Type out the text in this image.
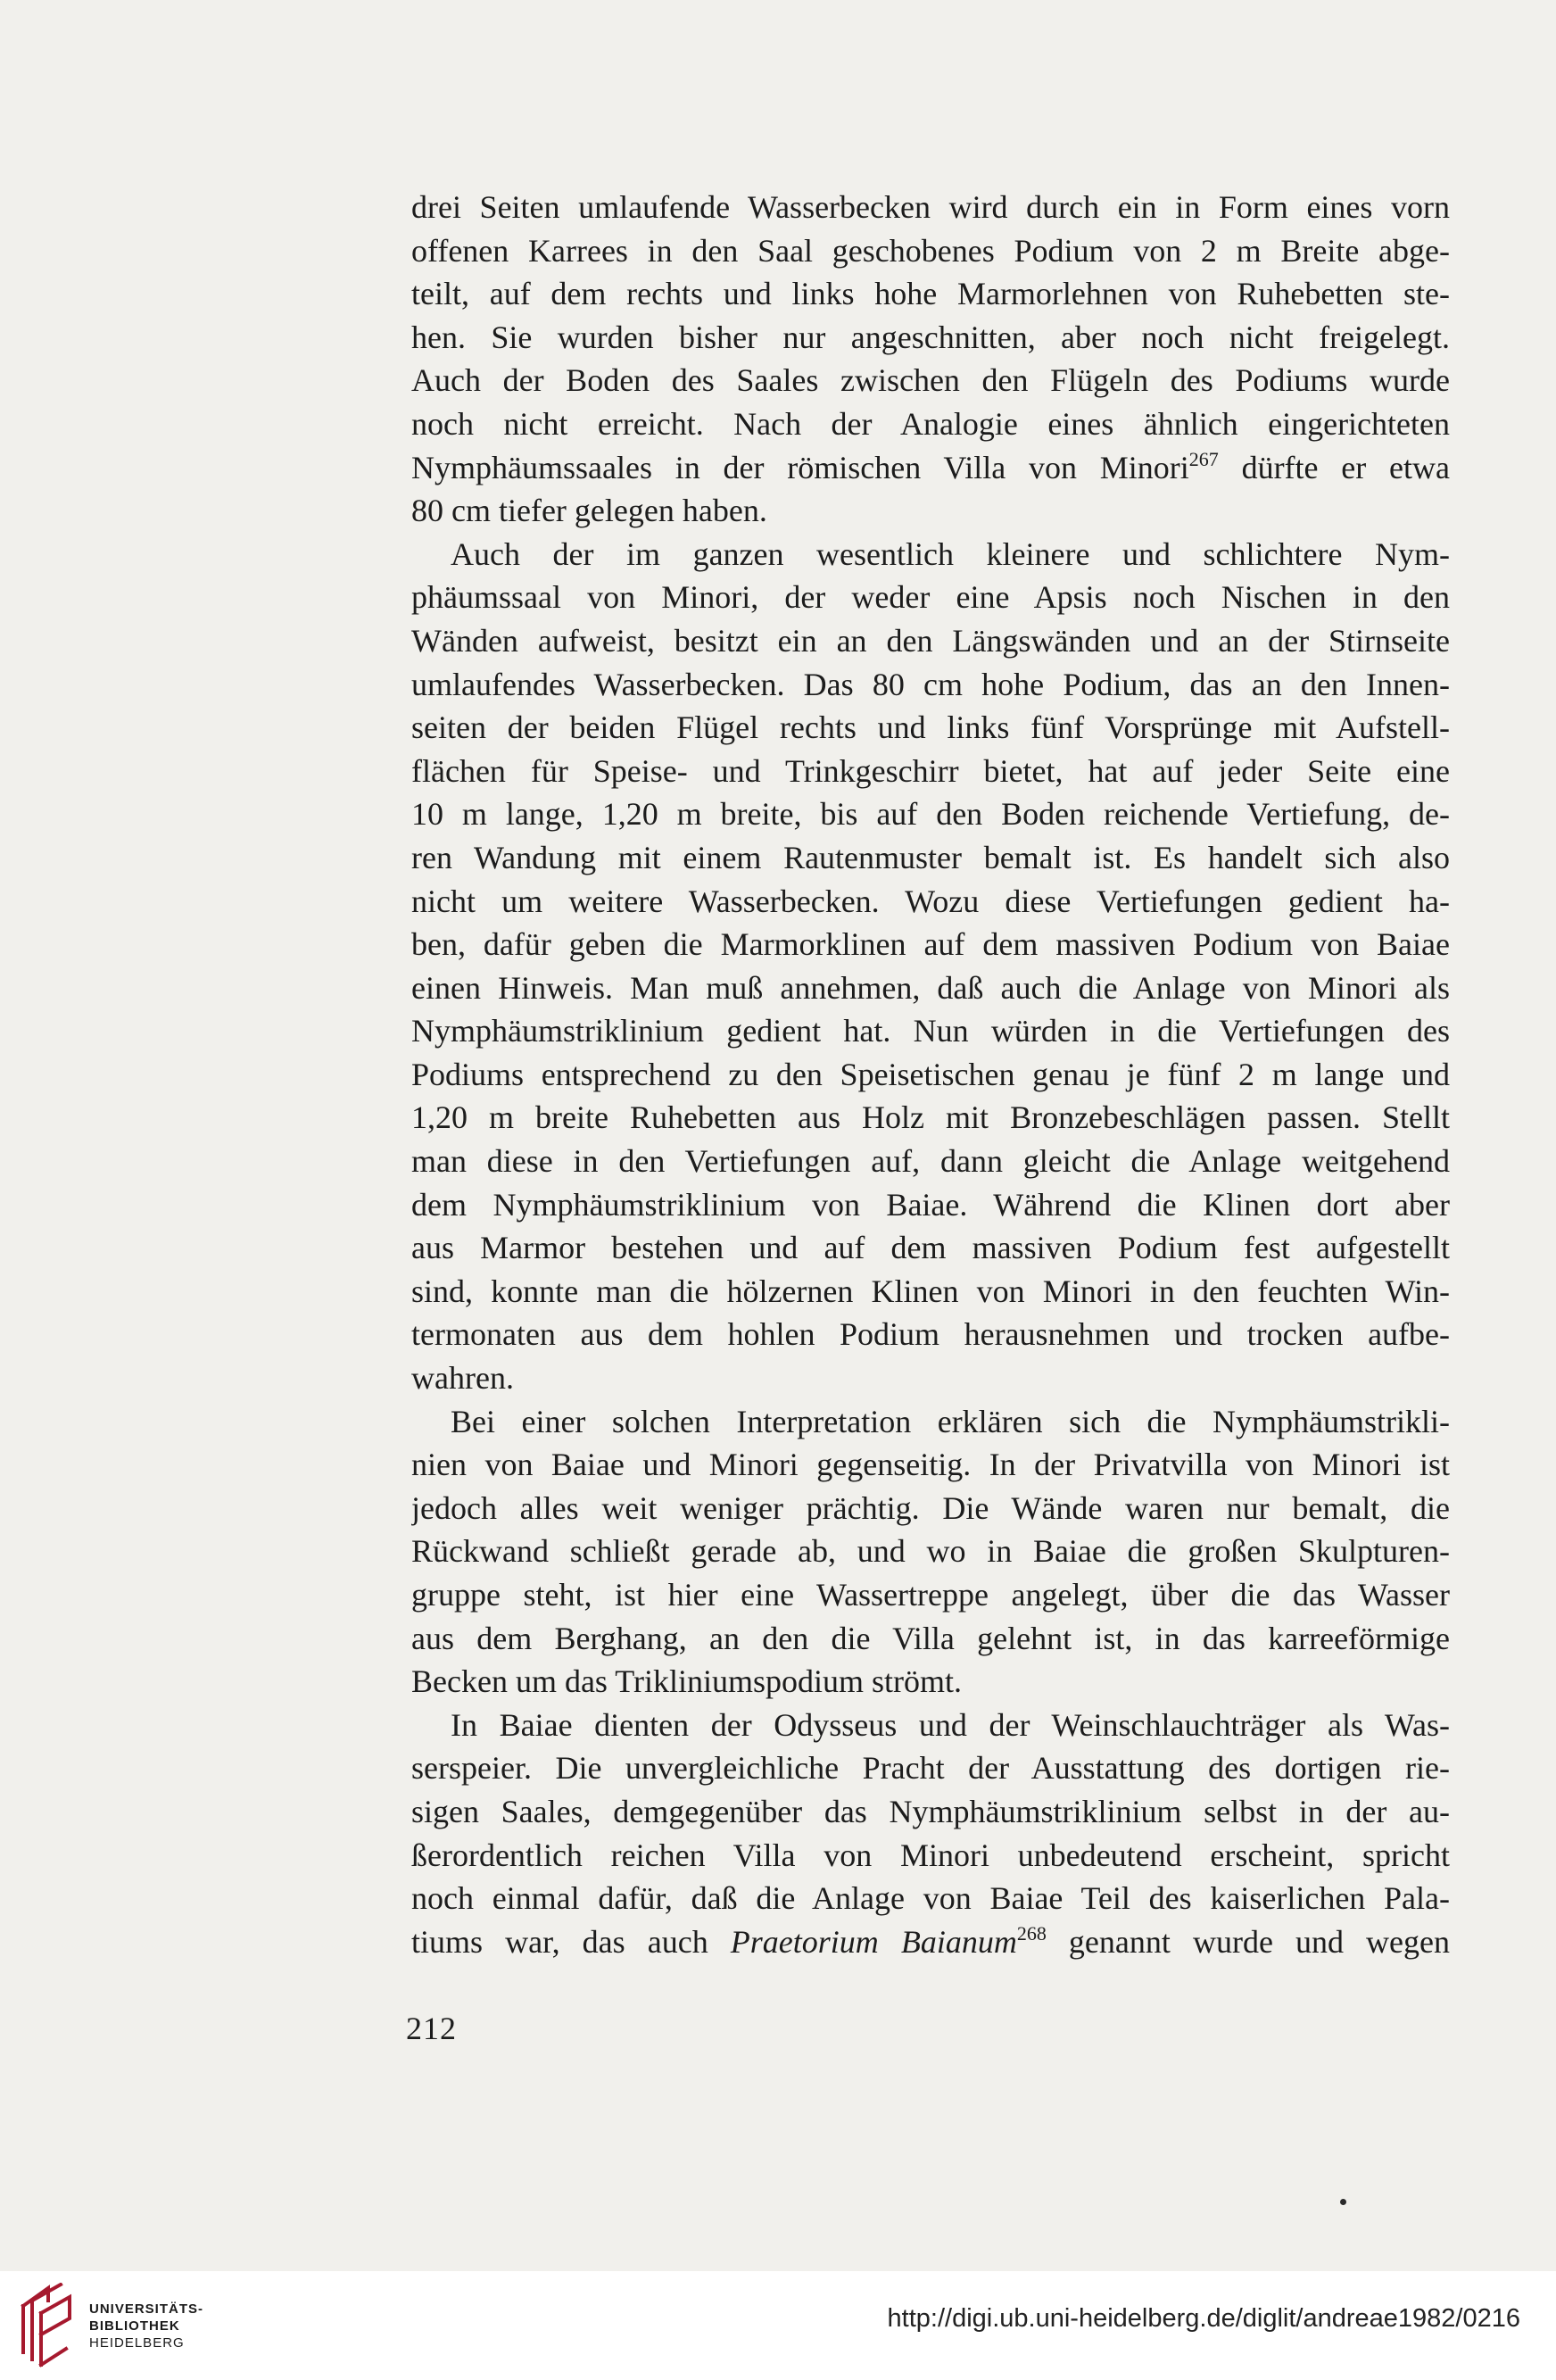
drei Seiten umlaufende Wasserbecken wird durch ein in Form eines vorn
offenen Karrees in den Saal geschobenes Podium von 2 m Breite abge-
teilt, auf dem rechts und links hohe Marmorlehnen von Ruhebetten ste-
hen. Sie wurden bisher nur angeschnitten, aber noch nicht freigelegt.
Auch der Boden des Saales zwischen den Flügeln des Podiums wurde
noch nicht erreicht. Nach der Analogie eines ähnlich eingerichteten
Nymphäumssaales in der römischen Villa von Minori$^{267}$ dürfte er etwa
80 cm tiefer gelegen haben.
Auch der im ganzen wesentlich kleinere und schlichtere Nym-
phäumssaal von Minori, der weder eine Apsis noch Nischen in den
Wänden aufweist, besitzt ein an den Längswänden und an der Stirnseite
umlaufendes Wasserbecken. Das 80 cm hohe Podium, das an den Innen-
seiten der beiden Flügel rechts und links fünf Vorsprünge mit Aufstell-
flächen für Speise- und Trinkgeschirr bietet, hat auf jeder Seite eine
10 m lange, 1,20 m breite, bis auf den Boden reichende Vertiefung, de-
ren Wandung mit einem Rautenmuster bemalt ist. Es handelt sich also
nicht um weitere Wasserbecken. Wozu diese Vertiefungen gedient ha-
ben, dafür geben die Marmorklinen auf dem massiven Podium von Baiae
einen Hinweis. Man muß annehmen, daß auch die Anlage von Minori als
Nymphäumstriklinium gedient hat. Nun würden in die Vertiefungen des
Podiums entsprechend zu den Speisetischen genau je fünf 2 m lange und
1,20 m breite Ruhebetten aus Holz mit Bronzebeschlägen passen. Stellt
man diese in den Vertiefungen auf, dann gleicht die Anlage weitgehend
dem Nymphäumstriklinium von Baiae. Während die Klinen dort aber
aus Marmor bestehen und auf dem massiven Podium fest aufgestellt
sind, konnte man die hölzernen Klinen von Minori in den feuchten Win-
termonaten aus dem hohlen Podium herausnehmen und trocken aufbe-
wahren.
Bei einer solchen Interpretation erklären sich die Nymphäumstrikli-
nien von Baiae und Minori gegenseitig. In der Privatvilla von Minori ist
jedoch alles weit weniger prächtig. Die Wände waren nur bemalt, die
Rückwand schließt gerade ab, und wo in Baiae die großen Skulpturen-
gruppe steht, ist hier eine Wassertreppe angelegt, über die das Wasser
aus dem Berghang, an den die Villa gelehnt ist, in das karreeförmige
Becken um das Trikliniumspodium strömt.
In Baiae dienten der Odysseus und der Weinschlauchträger als Was-
serspeier. Die unvergleichliche Pracht der Ausstattung des dortigen rie-
sigen Saales, demgegenüber das Nymphäumstriklinium selbst in der au-
ßerordentlich reichen Villa von Minori unbedeutend erscheint, spricht
noch einmal dafür, daß die Anlage von Baiae Teil des kaiserlichen Pala-
tiums war, das auch Praetorium Baianum$^{268}$ genannt wurde und wegen
212
UNIVERSITÄTS-
BIBLIOTHEK
HEIDELBERG
http://digi.ub.uni-heidelberg.de/diglit/andreae1982/0216
